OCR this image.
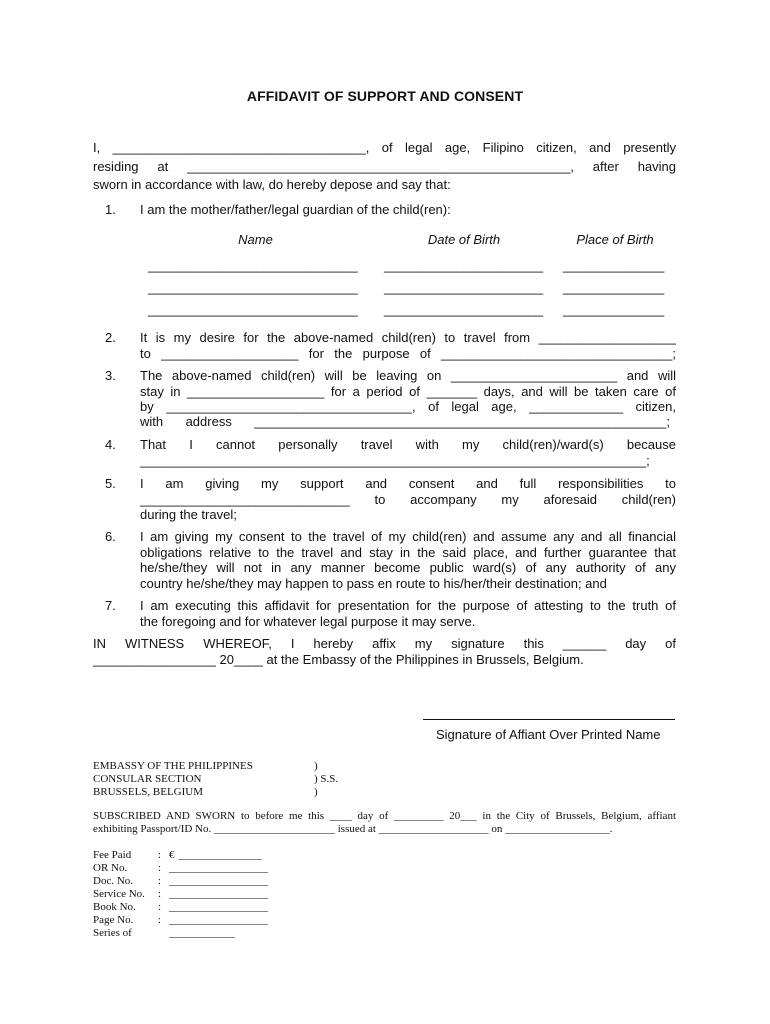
AFFIDAVIT OF SUPPORT AND CONSENT
I, ___________________________________, of legal age, Filipino citizen, and presently
residing at _____________________________________________________, after having
sworn in accordance with law, do hereby depose and say that:
1. I am the mother/father/legal guardian of the child(ren):
Name	Date of Birth	Place of Birth
_____________________________ ______________________ ______________
_____________________________ ______________________ ______________
_____________________________ ______________________ ______________
2. It is my desire for the above-named child(ren) to travel from ___________________
to ___________________ for the purpose of ________________________________;
3. The above-named child(ren) will be leaving on _______________________ and will
stay in ___________________ for a period of _______ days, and will be taken care of
by __________________________________, of legal age, _____________ citizen,
with address _________________________________________________________;
4. That I cannot personally travel with my child(ren)/ward(s) because
______________________________________________________________________;
5. I am giving my support and consent and full responsibilities to
_____________________________ to accompany my aforesaid child(ren)
during the travel;
6. I am giving my consent to the travel of my child(ren) and assume any and all financial
obligations relative to the travel and stay in the said place, and further guarantee that
he/she/they will not in any manner become public ward(s) of any authority of any
country he/she/they may happen to pass en route to his/her/their destination; and
7. I am executing this affidavit for presentation for the purpose of attesting to the truth of
the foregoing and for whatever legal purpose it may serve.
IN WITNESS WHEREOF, I hereby affix my signature this ______ day of
_________________ 20____ at the Embassy of the Philippines in Brussels, Belgium.
Signature of Affiant Over Printed Name
EMBASSY OF THE PHILIPPINES
CONSULAR SECTION
BRUSSELS, BELGIUM
)
) S.S.
)
SUBSCRIBED AND SWORN to before me this ____ day of _________ 20___ in the City of Brussels, Belgium, affiant
exhibiting Passport/ID No. ______________________ issued at ____________________ on ___________________.
Fee Paid
OR No.
Doc. No.
Service No.
Book No.
Page No.
Series of
:
:
:
:
:
:
€ _______________
__________________
__________________
__________________
__________________
__________________
____________
